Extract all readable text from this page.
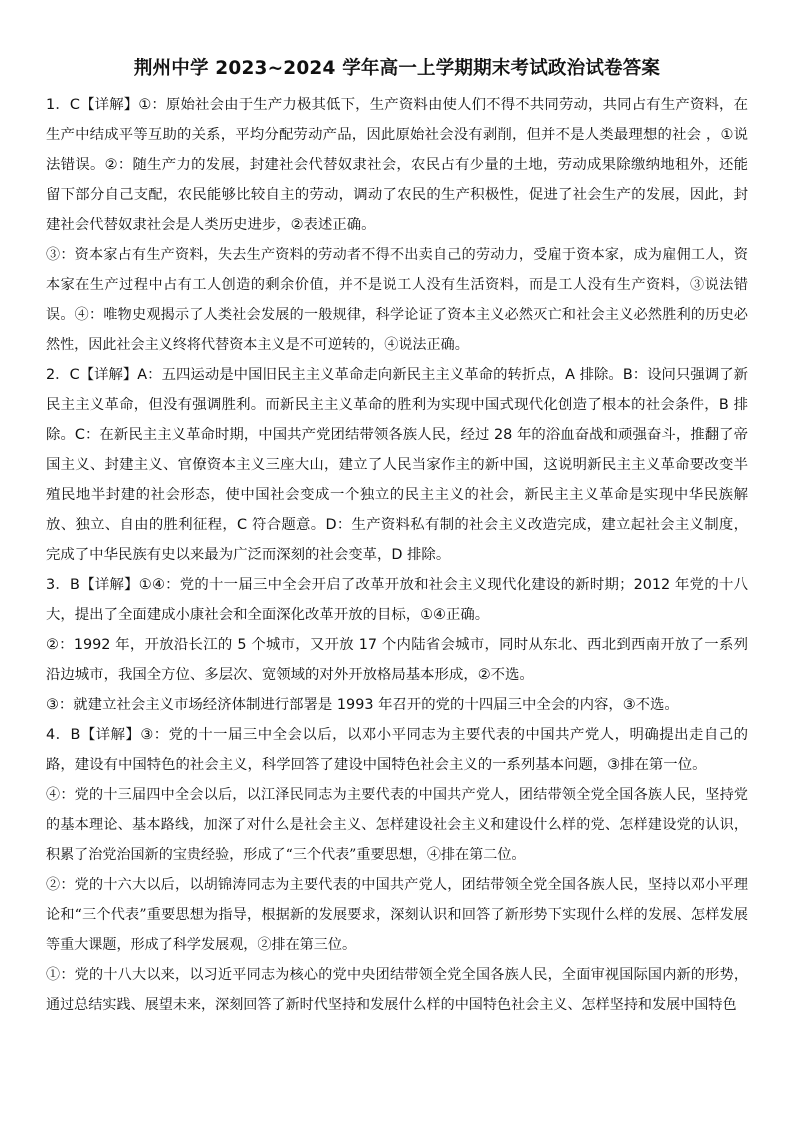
荆州中学 2023~2024 学年高一上学期期末考试政治试卷答案

1．C【详解】①：原始社会由于生产力极其低下，生产资料由使人们不得不共同劳动，共同占有生产资料，在生产中结成平等互助的关系，平均分配劳动产品，因此原始社会没有剥削，但并不是人类最理想的社会 ，①说法错误。②：随生产力的发展，封建社会代替奴隶社会，农民占有少量的土地，劳动成果除缴纳地租外，还能留下部分自己支配，农民能够比较自主的劳动，调动了农民的生产积极性，促进了社会生产的发展，因此，封建社会代替奴隶社会是人类历史进步，②表述正确。

③：资本家占有生产资料，失去生产资料的劳动者不得不出卖自己的劳动力，受雇于资本家，成为雇佣工人，资本家在生产过程中占有工人创造的剩余价值，并不是说工人没有生活资料，而是工人没有生产资料，③说法错误。④：唯物史观揭示了人类社会发展的一般规律，科学论证了资本主义必然灭亡和社会主义必然胜利的历史必然性，因此社会主义终将代替资本主义是不可逆转的，④说法正确。

2．C【详解】A：五四运动是中国旧民主主义革命走向新民主主义革命的转折点，A 排除。B：设问只强调了新民主主义革命，但没有强调胜利。而新民主主义革命的胜利为实现中国式现代化创造了根本的社会条件，B 排除。C：在新民主主义革命时期，中国共产党团结带领各族人民，经过 28 年的浴血奋战和顽强奋斗，推翻了帝国主义、封建主义、官僚资本主义三座大山，建立了人民当家作主的新中国，这说明新民主主义革命要改变半殖民地半封建的社会形态，使中国社会变成一个独立的民主主义的社会，新民主主义革命是实现中华民族解放、独立、自由的胜利征程，C 符合题意。D：生产资料私有制的社会主义改造完成，建立起社会主义制度，完成了中华民族有史以来最为广泛而深刻的社会变革，D 排除。

3．B【详解】①④：党的十一届三中全会开启了改革开放和社会主义现代化建设的新时期；2012 年党的十八大，提出了全面建成小康社会和全面深化改革开放的目标，①④正确。

②：1992 年，开放沿长江的 5 个城市，又开放 17 个内陆省会城市，同时从东北、西北到西南开放了一系列沿边城市，我国全方位、多层次、宽领域的对外开放格局基本形成，②不选。

③：就建立社会主义市场经济体制进行部署是 1993 年召开的党的十四届三中全会的内容，③不选。

4．B【详解】③：党的十一届三中全会以后，以邓小平同志为主要代表的中国共产党人，明确提出走自己的路，建设有中国特色的社会主义，科学回答了建设中国特色社会主义的一系列基本问题，③排在第一位。

④：党的十三届四中全会以后，以江泽民同志为主要代表的中国共产党人，团结带领全党全国各族人民，坚持党的基本理论、基本路线，加深了对什么是社会主义、怎样建设社会主义和建设什么样的党、怎样建设党的认识，积累了治党治国新的宝贵经验，形成了“三个代表”重要思想，④排在第二位。

②：党的十六大以后，以胡锦涛同志为主要代表的中国共产党人，团结带领全党全国各族人民，坚持以邓小平理论和“三个代表”重要思想为指导，根据新的发展要求，深刻认识和回答了新形势下实现什么样的发展、怎样发展等重大课题，形成了科学发展观，②排在第三位。

①：党的十八大以来，以习近平同志为核心的党中央团结带领全党全国各族人民，全面审视国际国内新的形势，通过总结实践、展望未来，深刻回答了新时代坚持和发展什么样的中国特色社会主义、怎样坚持和发展中国特色
